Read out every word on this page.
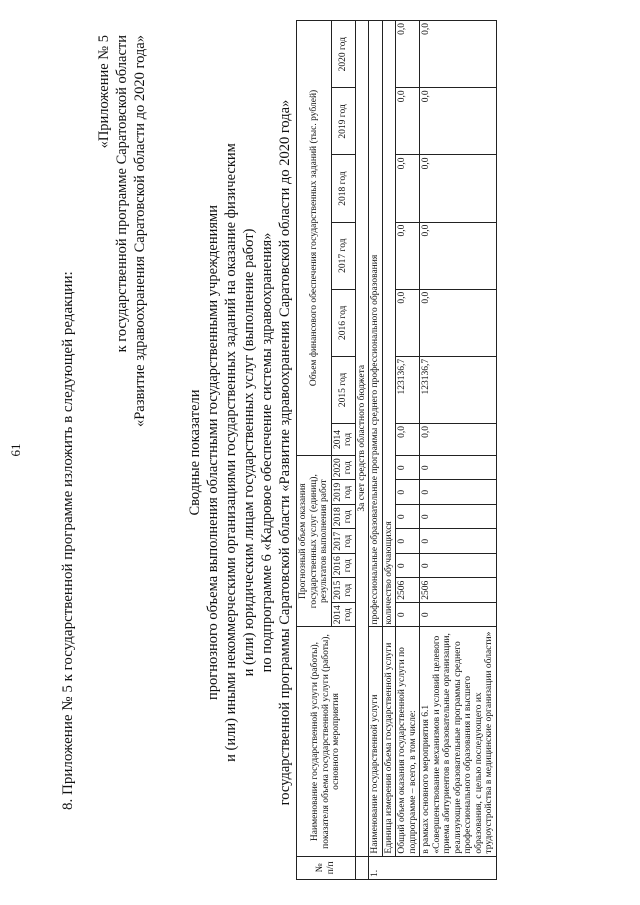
61 8. Приложение № 5 к государственной программе изложить в следующей редакции:
«Приложение № 5 к государственной программе Саратовской области «Развитие здравоохранения Саратовской области до 2020 года»
Сводные показатели прогнозного объема выполнения областными государственными учреждениями и (или) иными некоммерческими организациями государственных заданий на оказание физическим и (или) юридическим лицам государственных услуг (выполнение работ) по подпрограмме 6 «Кадровое обеспечение системы здравоохранения» государственной программы Саратовской области «Развитие здравоохранения Саратовской области до 2020 года»
№ п/п	Наименование государственной услуги (работы), показателя объема государственной услуги (работы), основного мероприятия	Прогнозный объем оказания государственных услуг (единиц), результатов выполнения работ							Объем финансового обеспечения государственных заданий (тыс. рублей)						
		2014 год	2015 год	2016 год	2017 год	2018 год	2019 год	2020 год	2014 год	2015 год	2016 год	2017 год	2018 год	2019 год	2020 год
	За счет средств областного бюджета														
1.	Наименование государственной услуги	профессиональные образовательные программы среднего профессионального образования													
	Единица измерения объема государственной услуги	количество обучающихся													
	Общий объем оказания государственной услуги по подпрограмме – всего, в том числе:	0	2506	0	0	0	0	0	0,0	123136,7	0,0	0,0	0,0	0,0	0,0
	в рамках основного мероприятия 6.1 «Совершенствование механизмов и условий целевого приема абитуриентов в образовательные организации, реализующие образовательные программы среднего профессионального образования и высшего образования, с целью последующего их трудоустройства в медицинские организации области»	0	2506	0	0	0	0	0	0,0	123136,7	0,0	0,0	0,0	0,0	0,0
